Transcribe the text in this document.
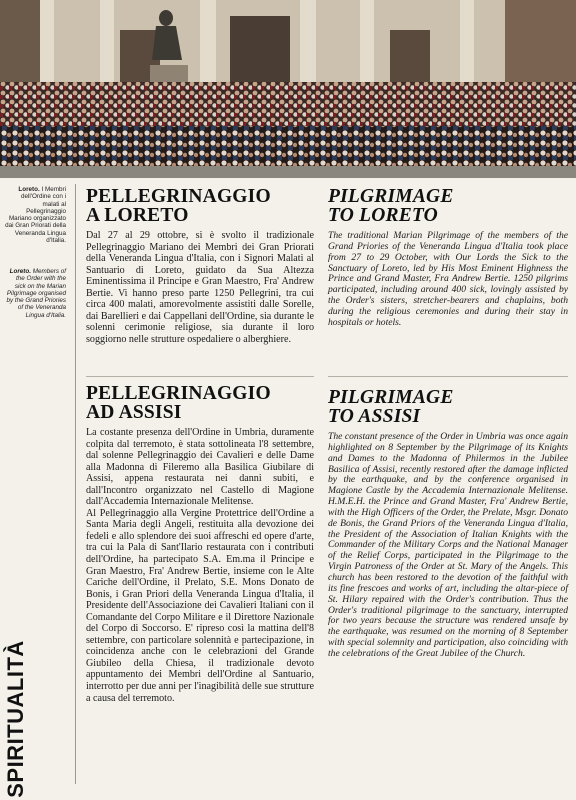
Loreto. I Membri dell'Ordine con i malati al Pellegrinaggio Mariano organizzato dai Gran Priorati della Veneranda Lingua d'Italia.
Loreto. Members of the Order with the sick on the Marian Pilgrimage organised by the Grand Priories of the Veneranda Lingua d'Italia.
SPIRITUALITÀ
PELLEGRINAGGIO
A LORETO

Dal 27 al 29 ottobre, si è svolto il tradizionale Pellegrinaggio Mariano dei Membri dei Gran Priorati della Veneranda Lingua d'Italia, con i Signori Malati al Santuario di Loreto, guidato da Sua Altezza Eminentissima il Principe e Gran Maestro, Fra' Andrew Bertie. Vi hanno preso parte 1250 Pellegrini, tra cui circa 400 malati, amorevolmente assistiti dalle Sorelle, dai Barellieri e dai Cappellani dell'Ordine, sia durante le solenni cerimonie religiose, sia durante il loro soggiorno nelle strutture ospedaliere o alberghiere.

PILGRIMAGE
TO LORETO

The traditional Marian Pilgrimage of the members of the Grand Priories of the Veneranda Lingua d'Italia took place from 27 to 29 October, with Our Lords the Sick to the Sanctuary of Loreto, led by His Most Eminent Highness the Prince and Grand Master, Fra Andrew Bertie. 1250 pilgrims participated, including around 400 sick, lovingly assisted by the Order's sisters, stretcher-bearers and chaplains, both during the religious ceremonies and during their stay in hospitals or hotels.

PELLEGRINAGGIO
AD ASSISI

La costante presenza dell'Ordine in Umbria, duramente colpita dal terremoto, è stata sottolineata l'8 settembre, dal solenne Pellegrinaggio dei Cavalieri e delle Dame alla Madonna di Fileremo alla Basilica Giubilare di Assisi, appena restaurata nei danni subiti, e dall'Incontro organizzato nel Castello di Magione dall'Accademia Internazionale Melitense.

Al Pellegrinaggio alla Vergine Protettrice dell'Ordine a Santa Maria degli Angeli, restituita alla devozione dei fedeli e allo splendore dei suoi affreschi ed opere d'arte, tra cui la Pala di Sant'Ilario restaurata con i contributi dell'Ordine, ha partecipato S.A. Em.ma il Principe e Gran Maestro, Fra' Andrew Bertie, insieme con le Alte Cariche dell'Ordine, il Prelato, S.E. Mons Donato de Bonis, i Gran Priori della Veneranda Lingua d'Italia, il Presidente dell'Associazione dei Cavalieri Italiani con il Comandante del Corpo Militare e il Direttore Nazionale del Corpo di Soccorso. E' ripreso così la mattina dell'8 settembre, con particolare solennità e partecipazione, in coincidenza anche con le celebrazioni del Grande Giubileo della Chiesa, il tradizionale devoto appuntamento dei Membri dell'Ordine al Santuario, interrotto per due anni per l'inagibilità delle sue strutture a causa del terremoto.

PILGRIMAGE
TO ASSISI

The constant presence of the Order in Umbria was once again highlighted on 8 September by the Pilgrimage of its Knights and Dames to the Madonna of Philermos in the Jubilee Basilica of Assisi, recently restored after the damage inflicted by the earthquake, and by the conference organised in Magione Castle by the Accademia Internazionale Melitense. H.M.E.H. the Prince and Grand Master, Fra' Andrew Bertie, with the High Officers of the Order, the Prelate, Msgr. Donato de Bonis, the Grand Priors of the Veneranda Lingua d'Italia, the President of the Association of Italian Knights with the Commander of the Military Corps and the National Manager of the Relief Corps, participated in the Pilgrimage to the Virgin Patroness of the Order at St. Mary of the Angels. This church has been restored to the devotion of the faithful with its fine frescoes and works of art, including the altar-piece of St. Hilary repaired with the Order's contribution. Thus the Order's traditional pilgrimage to the sanctuary, interrupted for two years because the structure was rendered unsafe by the earthquake, was resumed on the morning of 8 September with special solemnity and participation, also coinciding with the celebrations of the Great Jubilee of the Church.
